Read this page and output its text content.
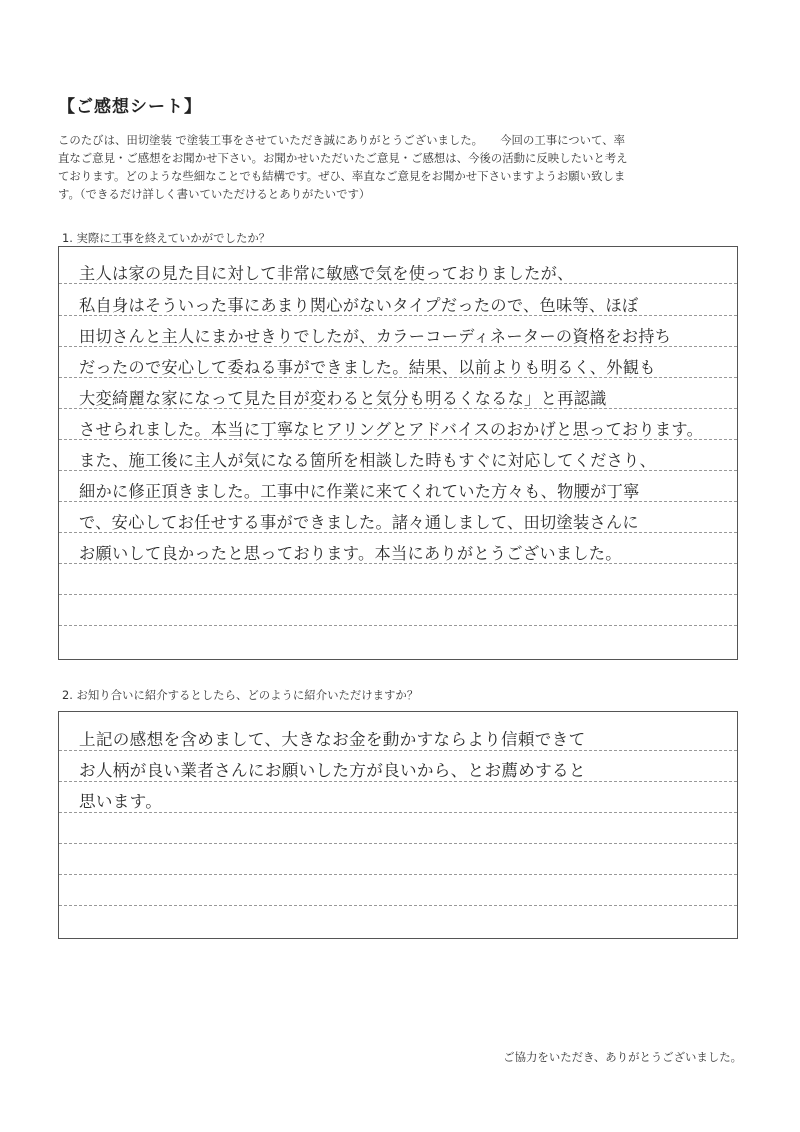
【ご感想シート】
このたびは、田切塗装 で塗装工事をさせていただき誠にありがとうございました。　　今回の工事について、率
直なご意見・ご感想をお聞かせ下さい。お聞かせいただいたご意見・ご感想は、今後の活動に反映したいと考え
ております。どのような些細なことでも結構です。ぜひ、率直なご意見をお聞かせ下さいますようお願い致しま
す。（できるだけ詳しく書いていただけるとありがたいです）
1. 実際に工事を終えていかがでしたか？
主人は家の見た目に対して非常に敏感で気を使っておりましたが、
私自身はそういった事にあまり関心がないタイプだったので、色味等、ほぼ
田切さんと主人にまかせきりでしたが、カラーコーディネーターの資格をお持ち
だったので安心して委ねる事ができました。結果、以前よりも明るく、外観も
大変綺麗な家になって見た目が変わると気分も明るくなるな」と再認識
させられました。本当に丁寧なヒアリングとアドバイスのおかげと思っております。
また、施工後に主人が気になる箇所を相談した時もすぐに対応してくださり、
細かに修正頂きました。工事中に作業に来てくれていた方々も、物腰が丁寧
で、安心してお任せする事ができました。諸々通しまして、田切塗装さんに
お願いして良かったと思っております。本当にありがとうございました。
2. お知り合いに紹介するとしたら、どのように紹介いただけますか？
上記の感想を含めまして、大きなお金を動かすならより信頼できて
お人柄が良い業者さんにお願いした方が良いから、とお薦めすると
思います。
ご協力をいただき、ありがとうございました。
